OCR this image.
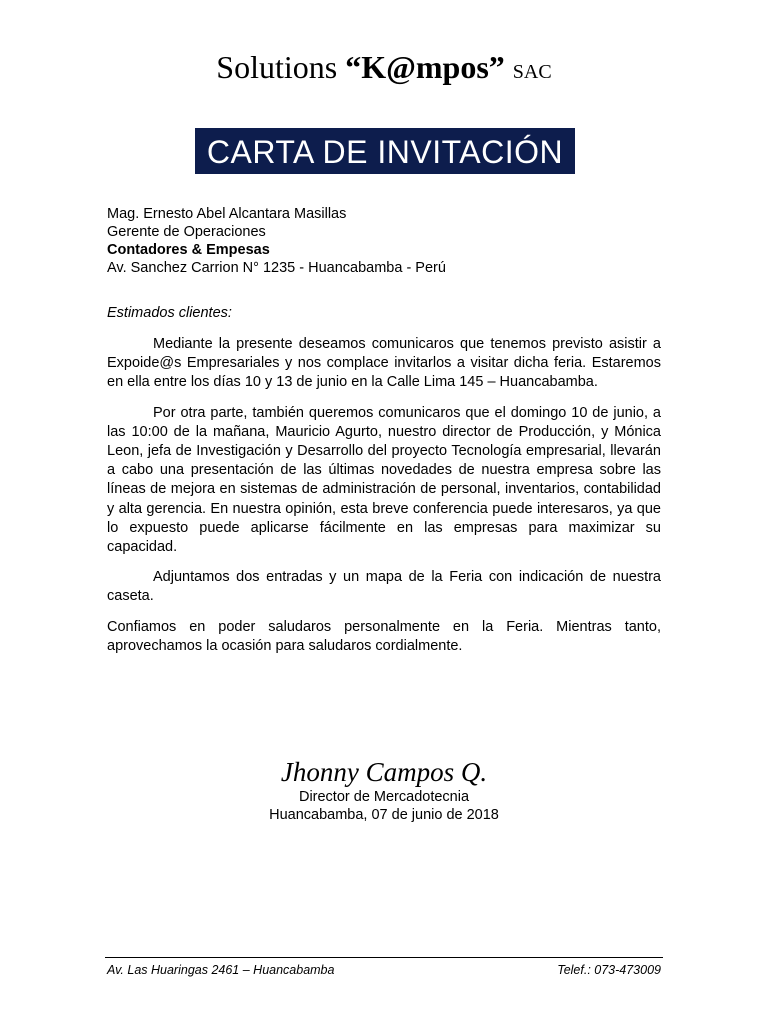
Solutions “K@mpos” SAC
CARTA DE INVITACIÓN
Mag. Ernesto Abel Alcantara Masillas
Gerente de Operaciones
Contadores & Empesas
Av. Sanchez Carrion N° 1235 - Huancabamba - Perú
Estimados clientes:

Mediante la presente deseamos comunicaros que tenemos previsto asistir a Expoide@s Empresariales y nos complace invitarlos a visitar dicha feria. Estaremos en ella entre los días 10 y 13 de junio en la Calle Lima 145 – Huancabamba.

Por otra parte, también queremos comunicaros que el domingo 10 de junio, a las 10:00 de la mañana, Mauricio Agurto, nuestro director de Producción, y Mónica Leon, jefa de Investigación y Desarrollo del proyecto Tecnología empresarial, llevarán a cabo una presentación de las últimas novedades de nuestra empresa sobre las líneas de mejora en sistemas de administración de personal, inventarios, contabilidad y alta gerencia. En nuestra opinión, esta breve conferencia puede interesaros, ya que lo expuesto puede aplicarse fácilmente en las empresas para maximizar su capacidad.

Adjuntamos dos entradas y un mapa de la Feria con indicación de nuestra caseta.

Confiamos en poder saludaros personalmente en la Feria. Mientras tanto, aprovechamos la ocasión para saludaros cordialmente.

Jhonny Campos Q.
Director de Mercadotecnia
Huancabamba, 07 de junio de 2018
Av. Las Huaringas 2461 – Huancabamba	Telef.: 073-473009
